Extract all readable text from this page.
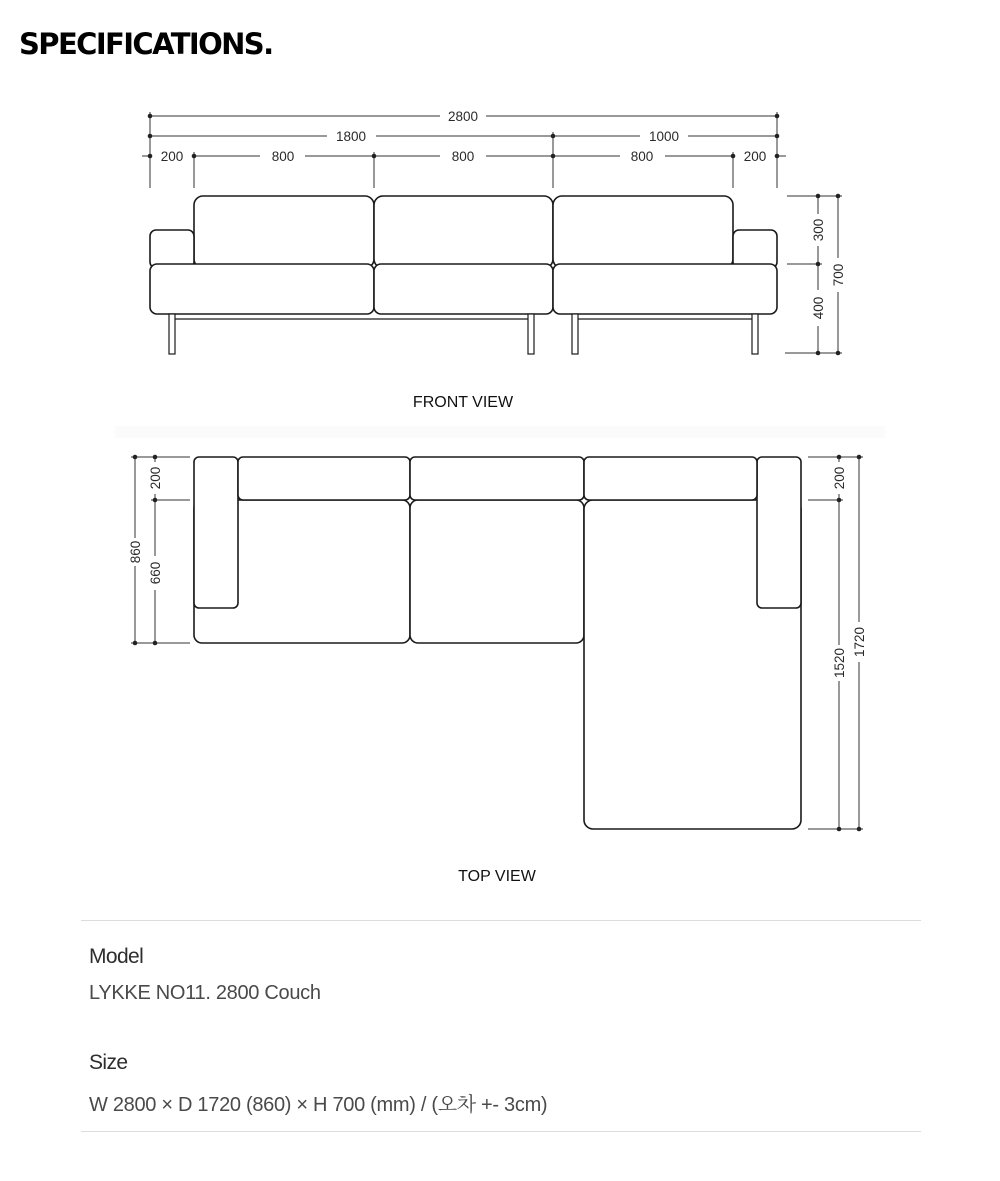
SPECIFICATIONS.
2800
1800	1000
200	800	800	800	200
300
400
700
FRONT VIEW
860
200
660
200
1520
1720
TOP VIEW
Model
LYKKE NO11. 2800 Couch
Size
W 2800 × D 1720 (860) × H 700 (mm) / (오차 +- 3cm)
